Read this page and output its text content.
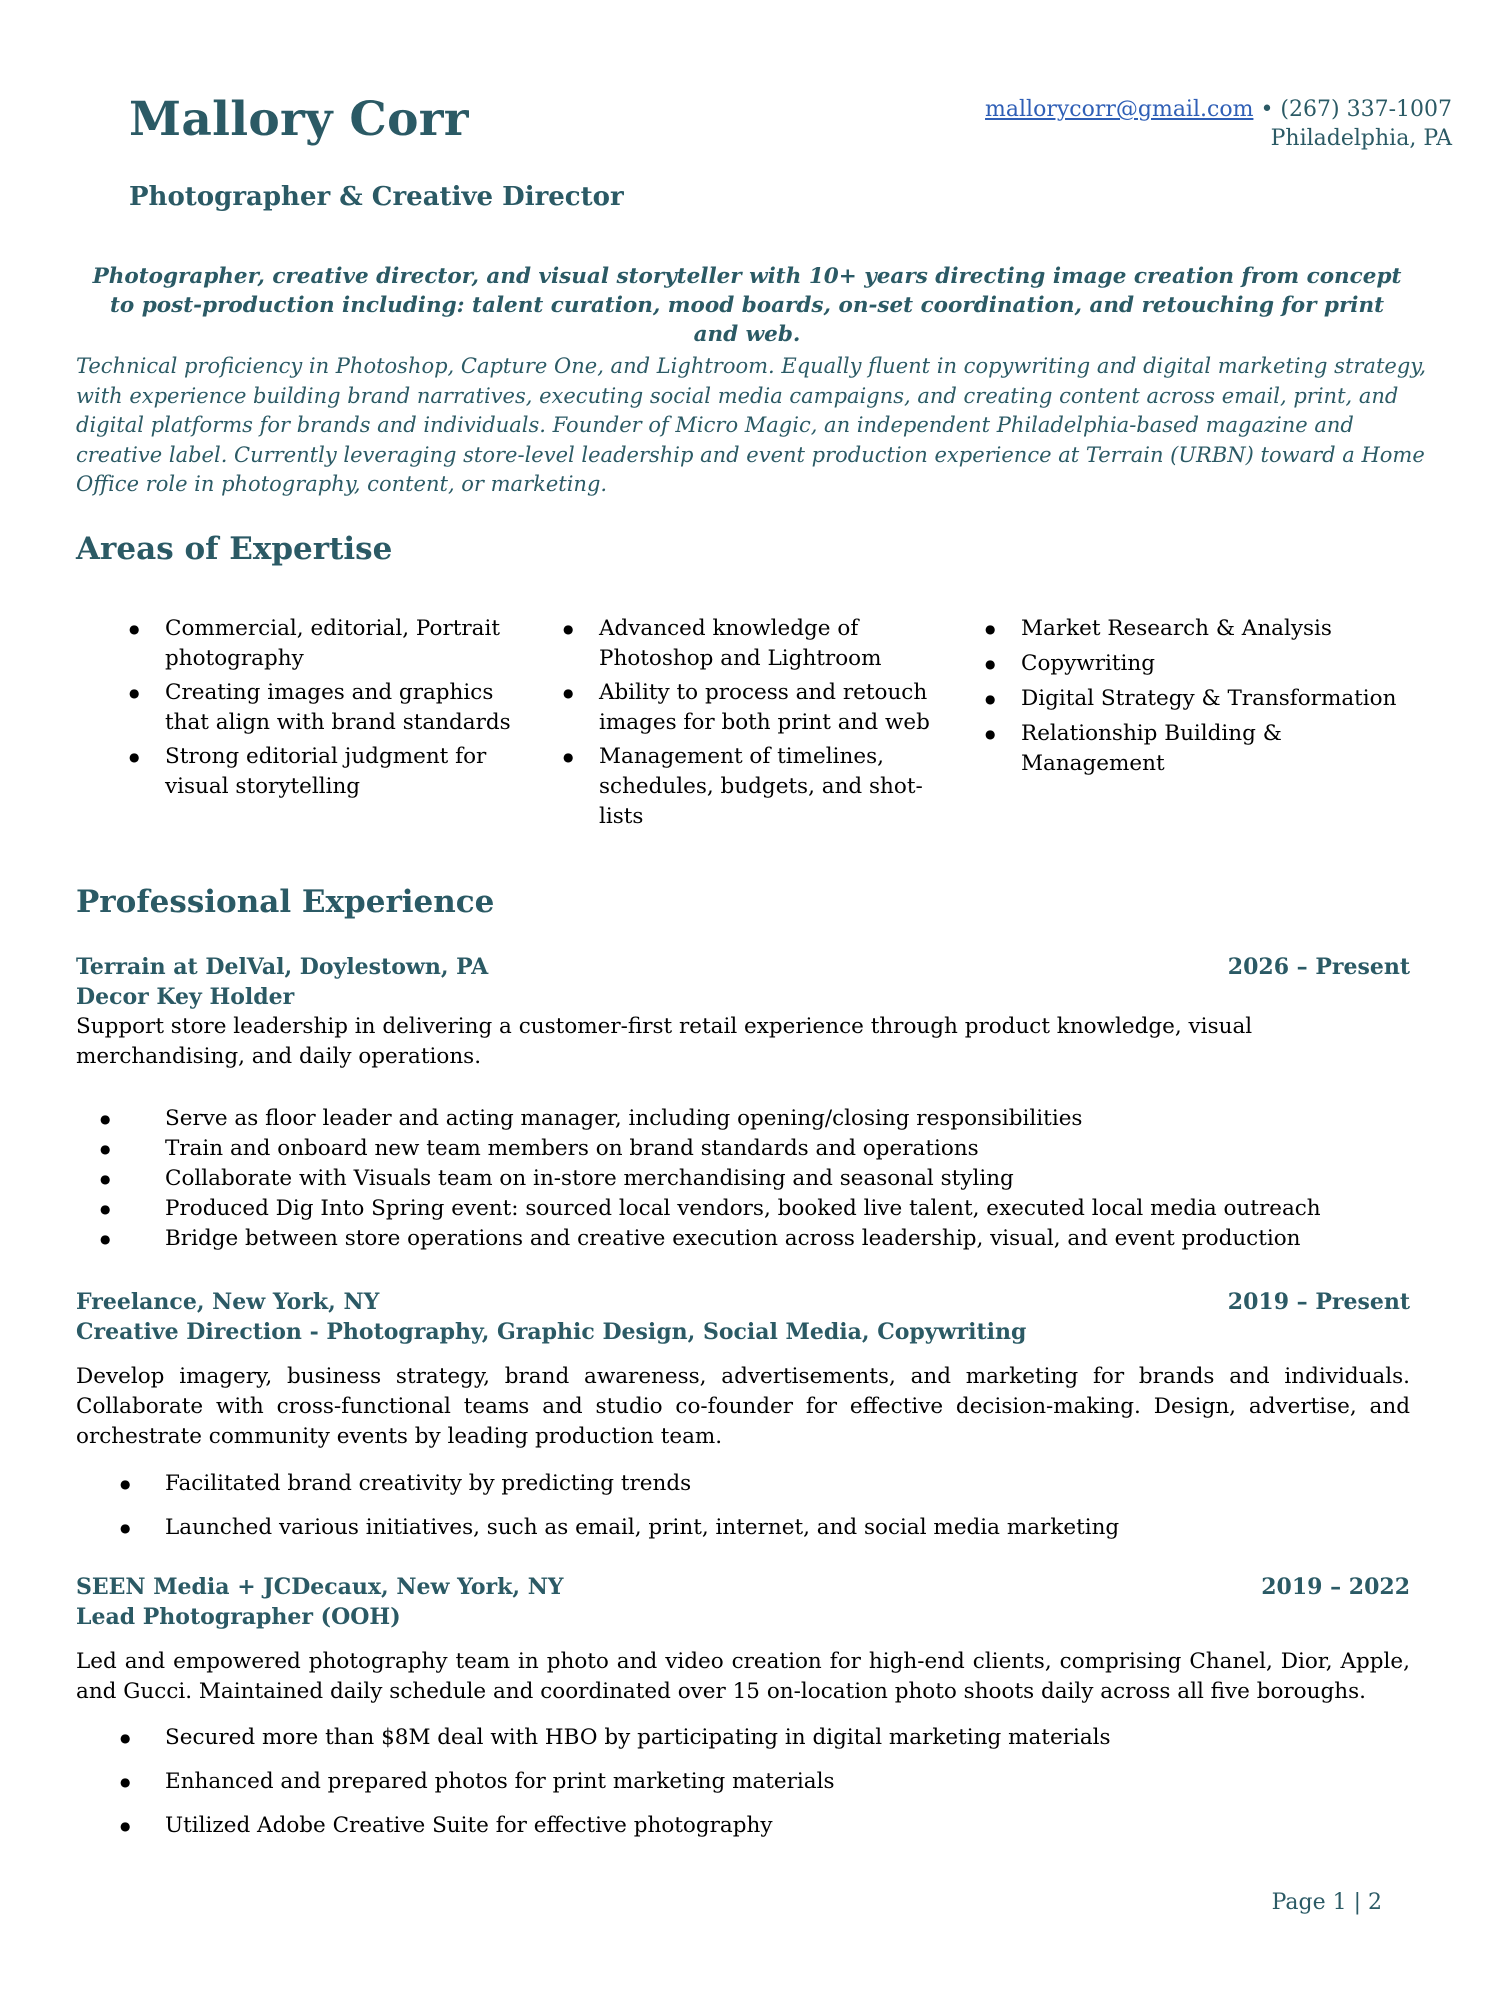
Mallory Corr
Photographer & Creative Director
mallorycorr@gmail.com • (267) 337-1007
Philadelphia, PA

Photographer, creative director, and visual storyteller with 10+ years directing image creation from concept to post-production including: talent curation, mood boards, on-set coordination, and retouching for print and web.

Technical proficiency in Photoshop, Capture One, and Lightroom. Equally fluent in copywriting and digital marketing strategy, with experience building brand narratives, executing social media campaigns, and creating content across email, print, and digital platforms for brands and individuals. Founder of Micro Magic, an independent Philadelphia-based magazine and creative label. Currently leveraging store-level leadership and event production experience at Terrain (URBN) toward a Home Office role in photography, content, or marketing.

Areas of Expertise
● Commercial, editorial, Portrait photography
● Creating images and graphics that align with brand standards
● Strong editorial judgment for visual storytelling
● Advanced knowledge of Photoshop and Lightroom
● Ability to process and retouch images for both print and web
● Management of timelines, schedules, budgets, and shot-lists
● Market Research & Analysis
● Copywriting
● Digital Strategy & Transformation
● Relationship Building & Management
Professional Experience
Terrain at DelVal, Doylestown, PA	2026 – Present
Decor Key Holder

Support store leadership in delivering a customer-first retail experience through product knowledge, visual merchandising, and daily operations.

● Serve as floor leader and acting manager, including opening/closing responsibilities
● Train and onboard new team members on brand standards and operations
● Collaborate with Visuals team on in-store merchandising and seasonal styling
● Produced Dig Into Spring event: sourced local vendors, booked live talent, executed local media outreach
● Bridge between store operations and creative execution across leadership, visual, and event production
Freelance, New York, NY	2019 – Present
Creative Direction - Photography, Graphic Design, Social Media, Copywriting

Develop imagery, business strategy, brand awareness, advertisements, and marketing for brands and individuals. Collaborate with cross-functional teams and studio co-founder for effective decision-making. Design, advertise, and orchestrate community events by leading production team.

● Facilitated brand creativity by predicting trends
● Launched various initiatives, such as email, print, internet, and social media marketing
SEEN Media + JCDecaux, New York, NY	2019 – 2022
Lead Photographer (OOH)

Led and empowered photography team in photo and video creation for high-end clients, comprising Chanel, Dior, Apple, and Gucci. Maintained daily schedule and coordinated over 15 on-location photo shoots daily across all five boroughs.

● Secured more than $8M deal with HBO by participating in digital marketing materials
● Enhanced and prepared photos for print marketing materials
● Utilized Adobe Creative Suite for effective photography
Page 1 | 2
